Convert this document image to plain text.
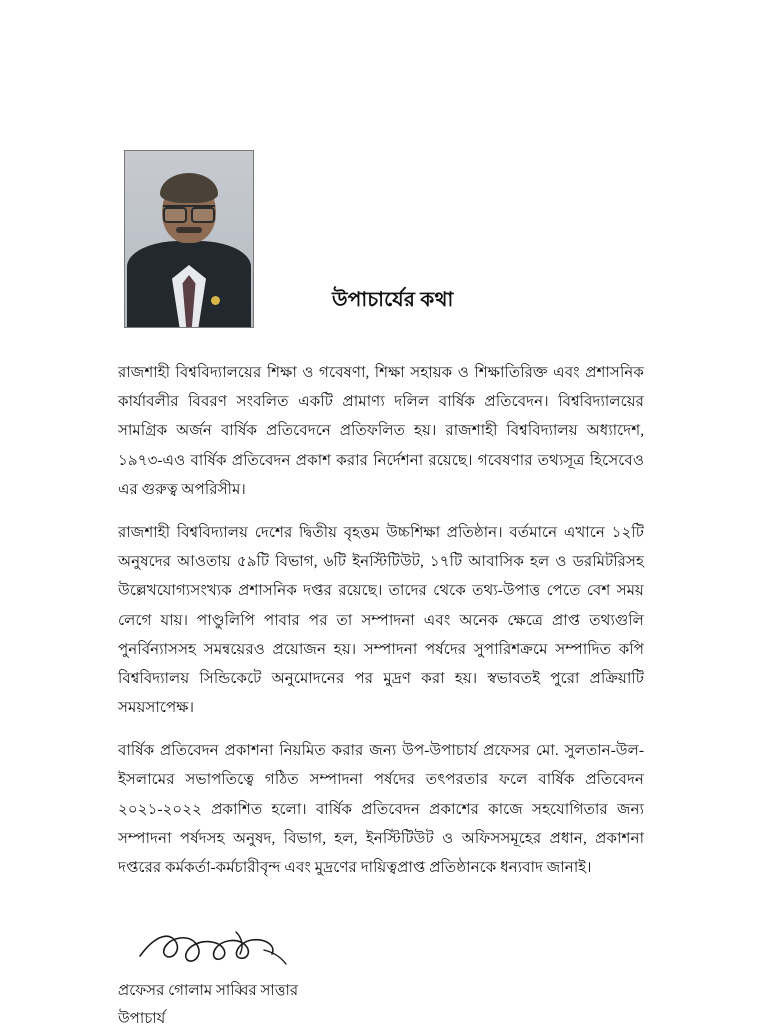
উপাচার্যের কথা

রাজশাহী বিশ্ববিদ্যালয়ের শিক্ষা ও গবেষণা, শিক্ষা সহায়ক ও শিক্ষাতিরিক্ত এবং প্রশাসনিক কার্যাবলীর বিবরণ সংবলিত একটি প্রামাণ্য দলিল বার্ষিক প্রতিবেদন। বিশ্ববিদ্যালয়ের সামগ্রিক অর্জন বার্ষিক প্রতিবেদনে প্রতিফলিত হয়। রাজশাহী বিশ্ববিদ্যালয় অধ্যাদেশ, ১৯৭৩-এও বার্ষিক প্রতিবেদন প্রকাশ করার নির্দেশনা রয়েছে। গবেষণার তথ্যসূত্র হিসেবেও এর গুরুত্ব অপরিসীম।

রাজশাহী বিশ্ববিদ্যালয় দেশের দ্বিতীয় বৃহত্তম উচ্চশিক্ষা প্রতিষ্ঠান। বর্তমানে এখানে ১২টি অনুষদের আওতায় ৫৯টি বিভাগ, ৬টি ইনস্টিটিউট, ১৭টি আবাসিক হল ও ডরমিটরিসহ উল্লেখযোগ্যসংখ্যক প্রশাসনিক দপ্তর রয়েছে। তাদের থেকে তথ্য-উপাত্ত পেতে বেশ সময় লেগে যায়। পাণ্ডুলিপি পাবার পর তা সম্পাদনা এবং অনেক ক্ষেত্রে প্রাপ্ত তথ্যগুলি পুনর্বিন্যাসসহ সমন্বয়েরও প্রয়োজন হয়। সম্পাদনা পর্ষদের সুপারিশক্রমে সম্পাদিত কপি বিশ্ববিদ্যালয় সিন্ডিকেটে অনুমোদনের পর মুদ্রণ করা হয়। স্বভাবতই পুরো প্রক্রিয়াটি সময়সাপেক্ষ।

বার্ষিক প্রতিবেদন প্রকাশনা নিয়মিত করার জন্য উপ-উপাচার্য প্রফেসর মো. সুলতান-উল-ইসলামের সভাপতিত্বে গঠিত সম্পাদনা পর্ষদের তৎপরতার ফলে বার্ষিক প্রতিবেদন ২০২১-২০২২ প্রকাশিত হলো। বার্ষিক প্রতিবেদন প্রকাশের কাজে সহযোগিতার জন্য সম্পাদনা পর্ষদসহ অনুষদ, বিভাগ, হল, ইনস্টিটিউট ও অফিসসমূহের প্রধান, প্রকাশনা দপ্তরের কর্মকর্তা-কর্মচারীবৃন্দ এবং মুদ্রণের দায়িত্বপ্রাপ্ত প্রতিষ্ঠানকে ধন্যবাদ জানাই।

প্রফেসর গোলাম সাব্বির সাত্তার
উপাচার্য
